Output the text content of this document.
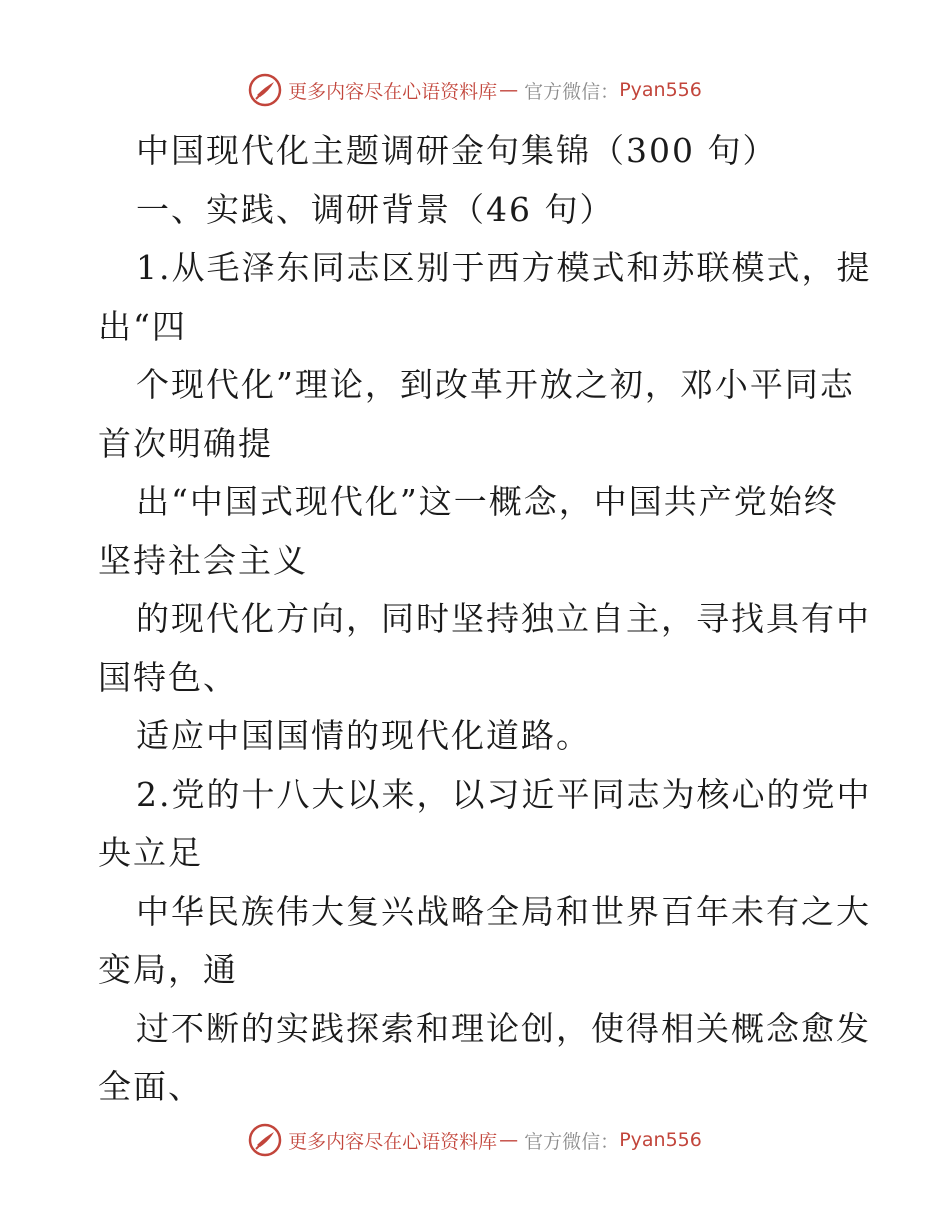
更多内容尽在心语资料库 — 官方微信： Pyan556
中国现代化主题调研金句集锦（300 句）
一、实践、调研背景（46 句）
1.从毛泽东同志区别于西方模式和苏联模式，提
出“四
个现代化”理论，到改革开放之初，邓小平同志
首次明确提
出“中国式现代化”这一概念，中国共产党始终
坚持社会主义
的现代化方向，同时坚持独立自主，寻找具有中
国特色、
适应中国国情的现代化道路。
2.党的十八大以来，以习近平同志为核心的党中
央立足
中华民族伟大复兴战略全局和世界百年未有之大
变局，通
过不断的实践探索和理论创，使得相关概念愈发
全面、
更多内容尽在心语资料库 — 官方微信： Pyan556
